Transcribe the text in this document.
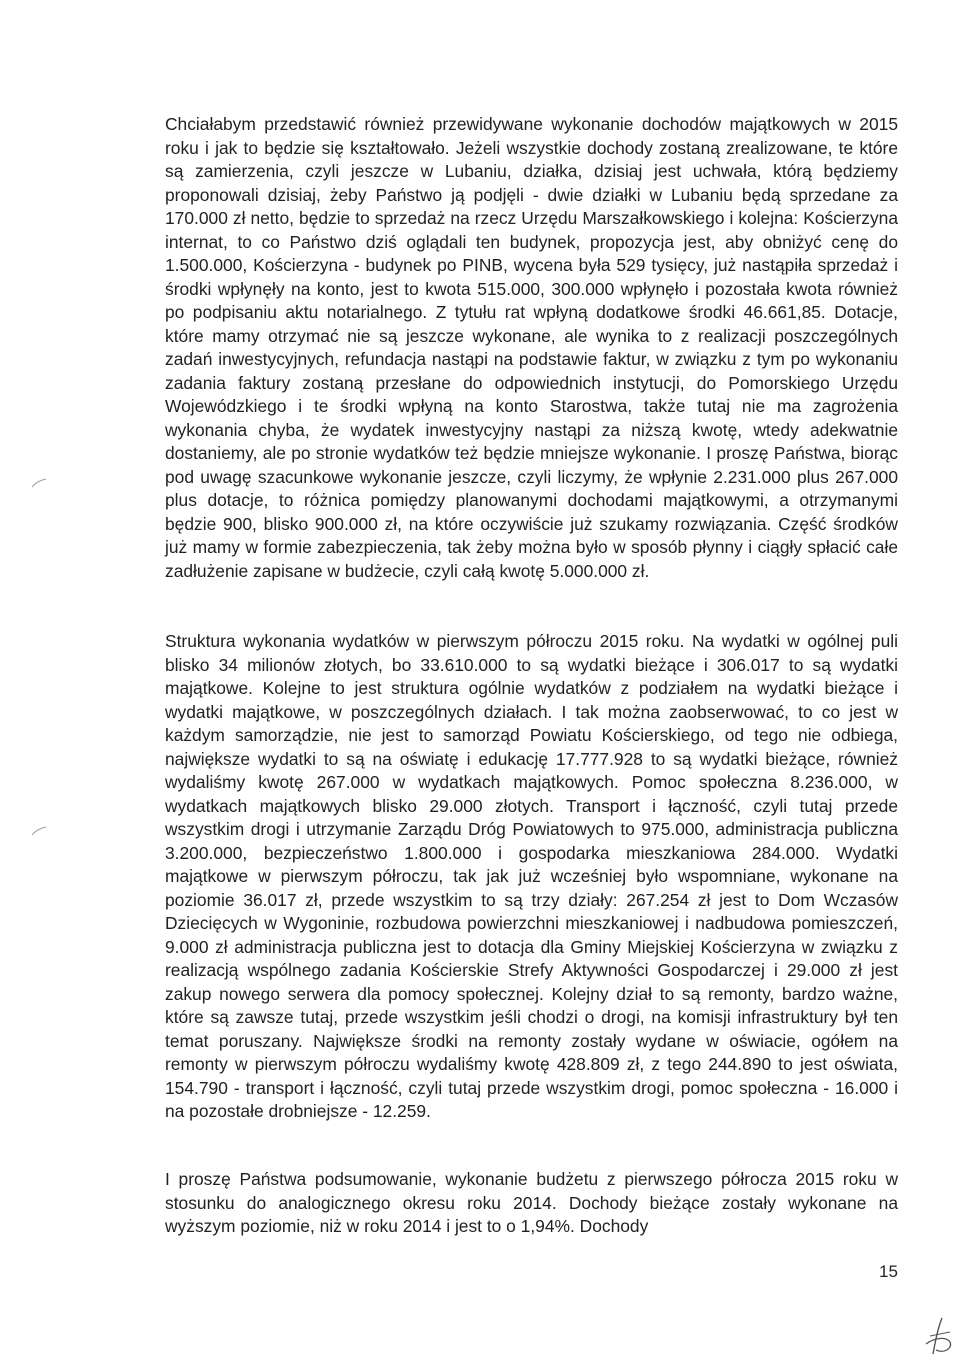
Chciałabym przedstawić również przewidywane wykonanie dochodów majątkowych w 2015 roku i jak to będzie się kształtowało. Jeżeli wszystkie dochody zostaną zrealizowane, te które są zamierzenia, czyli jeszcze w Lubaniu, działka, dzisiaj jest uchwała, którą będziemy proponowali dzisiaj, żeby Państwo ją podjęli - dwie działki w Lubaniu będą sprzedane za 170.000 zł netto, będzie to sprzedaż na rzecz Urzędu Marszałkowskiego i kolejna: Kościerzyna internat, to co Państwo dziś oglądali ten budynek, propozycja jest, aby obniżyć cenę do 1.500.000, Kościerzyna - budynek po PINB, wycena była 529 tysięcy, już nastąpiła sprzedaż i środki wpłynęły na konto, jest to kwota 515.000, 300.000 wpłynęło i pozostała kwota również po podpisaniu aktu notarialnego. Z tytułu rat wpłyną dodatkowe środki 46.661,85. Dotacje, które mamy otrzymać nie są jeszcze wykonane, ale wynika to z realizacji poszczególnych zadań inwestycyjnych, refundacja nastąpi na podstawie faktur, w związku z tym po wykonaniu zadania faktury zostaną przesłane do odpowiednich instytucji, do Pomorskiego Urzędu Wojewódzkiego i te środki wpłyną na konto Starostwa, także tutaj nie ma zagrożenia wykonania chyba, że wydatek inwestycyjny nastąpi za niższą kwotę, wtedy adekwatnie dostaniemy, ale po stronie wydatków też będzie mniejsze wykonanie. I proszę Państwa, biorąc pod uwagę szacunkowe wykonanie jeszcze, czyli liczymy, że wpłynie 2.231.000 plus 267.000 plus dotacje, to różnica pomiędzy planowanymi dochodami majątkowymi, a otrzymanymi będzie 900, blisko 900.000 zł, na które oczywiście już szukamy rozwiązania. Część środków już mamy w formie zabezpieczenia, tak żeby można było w sposób płynny i ciągły spłacić całe zadłużenie zapisane w budżecie, czyli całą kwotę 5.000.000 zł.

Struktura wykonania wydatków w pierwszym półroczu 2015 roku. Na wydatki w ogólnej puli blisko 34 milionów złotych, bo 33.610.000 to są wydatki bieżące i 306.017 to są wydatki majątkowe. Kolejne to jest struktura ogólnie wydatków z podziałem na wydatki bieżące i wydatki majątkowe, w poszczególnych działach. I tak można zaobserwować, to co jest w każdym samorządzie, nie jest to samorząd Powiatu Kościerskiego, od tego nie odbiega, największe wydatki to są na oświatę i edukację 17.777.928 to są wydatki bieżące, również wydaliśmy kwotę 267.000 w wydatkach majątkowych. Pomoc społeczna 8.236.000, w wydatkach majątkowych blisko 29.000 złotych. Transport i łączność, czyli tutaj przede wszystkim drogi i utrzymanie Zarządu Dróg Powiatowych to 975.000, administracja publiczna 3.200.000, bezpieczeństwo 1.800.000 i gospodarka mieszkaniowa 284.000. Wydatki majątkowe w pierwszym półroczu, tak jak już wcześniej było wspomniane, wykonane na poziomie 36.017 zł, przede wszystkim to są trzy działy: 267.254 zł jest to Dom Wczasów Dziecięcych w Wygoninie, rozbudowa powierzchni mieszkaniowej i nadbudowa pomieszczeń, 9.000 zł administracja publiczna jest to dotacja dla Gminy Miejskiej Kościerzyna w związku z realizacją wspólnego zadania Kościerskie Strefy Aktywności Gospodarczej i 29.000 zł jest zakup nowego serwera dla pomocy społecznej. Kolejny dział to są remonty, bardzo ważne, które są zawsze tutaj, przede wszystkim jeśli chodzi o drogi, na komisji infrastruktury był ten temat poruszany. Największe środki na remonty zostały wydane w oświacie, ogółem na remonty w pierwszym półroczu wydaliśmy kwotę 428.809 zł, z tego 244.890 to jest oświata, 154.790 - transport i łączność, czyli tutaj przede wszystkim drogi, pomoc społeczna - 16.000 i na pozostałe drobniejsze - 12.259.

I proszę Państwa podsumowanie, wykonanie budżetu z pierwszego półrocza 2015 roku w stosunku do analogicznego okresu roku 2014. Dochody bieżące zostały wykonane na wyższym poziomie, niż w roku 2014 i jest to o 1,94%. Dochody

15
